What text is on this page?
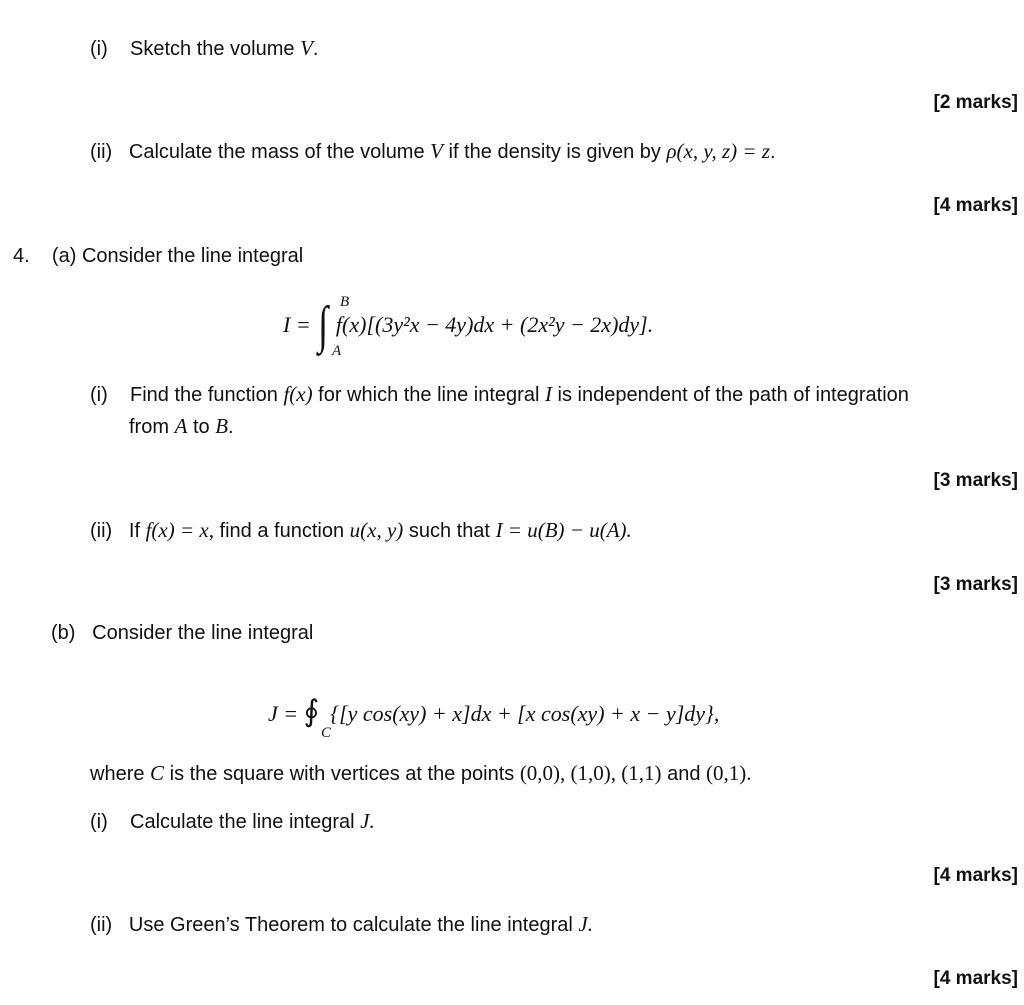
(i) Sketch the volume V.
[2 marks]
(ii) Calculate the mass of the volume V if the density is given by ρ(x, y, z) = z.
[4 marks]
4. (a) Consider the line integral
I = ∫ f(x)[(3y²x − 4y)dx + (2x²y − 2x)dy].
B
A
(i) Find the function f(x) for which the line integral I is independent of the path of integration
from A to B.
[3 marks]
(ii) If f(x) = x, find a function u(x, y) such that I = u(B) − u(A).
[3 marks]
(b) Consider the line integral
J = ∮ {[y cos(xy) + x]dx + [x cos(xy) + x − y]dy},
C
where C is the square with vertices at the points (0,0), (1,0), (1,1) and (0,1).
(i) Calculate the line integral J.
[4 marks]
(ii) Use Green’s Theorem to calculate the line integral J.
[4 marks]
